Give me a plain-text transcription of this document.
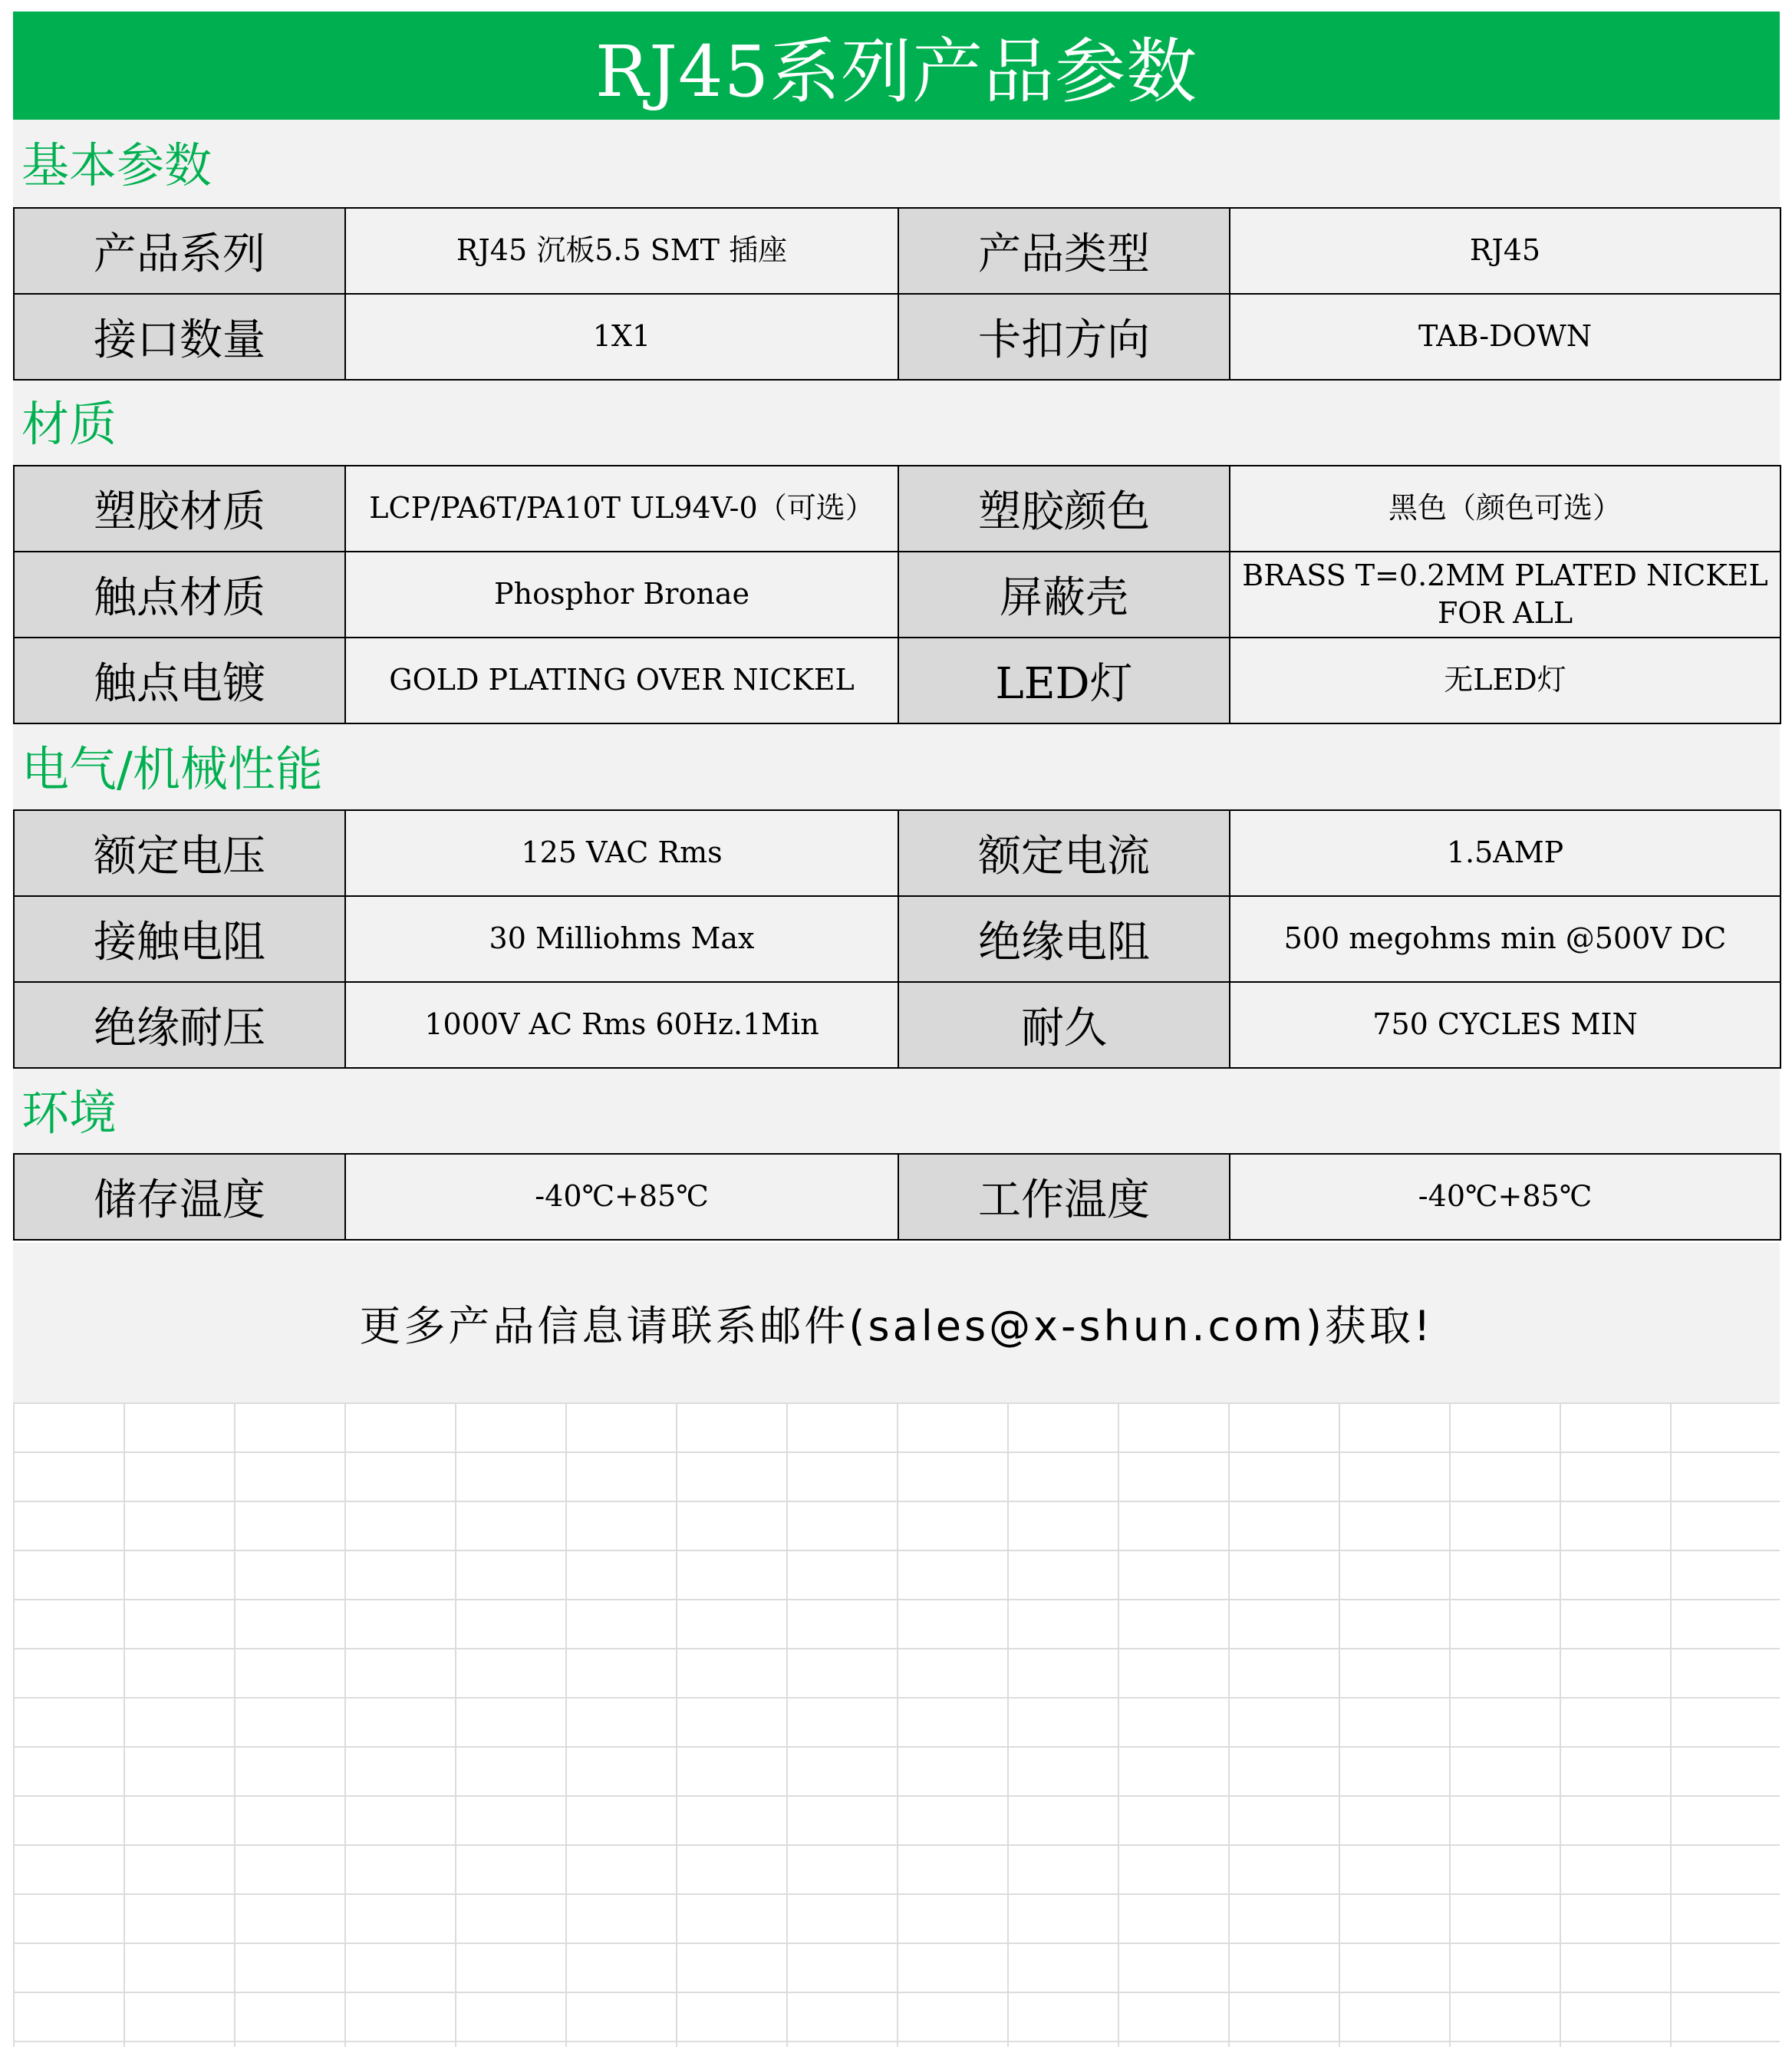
RJ45系列产品参数
基本参数
产品系列	RJ45 沉板5.5 SMT 插座	产品类型	RJ45
接口数量	1X1	卡扣方向	TAB-DOWN
材质
塑胶材质	LCP/PA6T/PA10T UL94V-0（可选）	塑胶颜色	黑色（颜色可选）
触点材质	Phosphor Bronae	屏蔽壳	BRASS T=0.2MM PLATED NICKEL FOR ALL
触点电镀	GOLD PLATING OVER NICKEL	LED灯	无LED灯
电气/机械性能
额定电压	125 VAC Rms	额定电流	1.5AMP
接触电阻	30 Milliohms Max	绝缘电阻	500 megohms min @500V DC
绝缘耐压	1000V AC Rms 60Hz.1Min	耐久	750 CYCLES MIN
环境
储存温度	-40℃+85℃	工作温度	-40℃+85℃
更多产品信息请联系邮件(sales@x-shun.com)获取!
